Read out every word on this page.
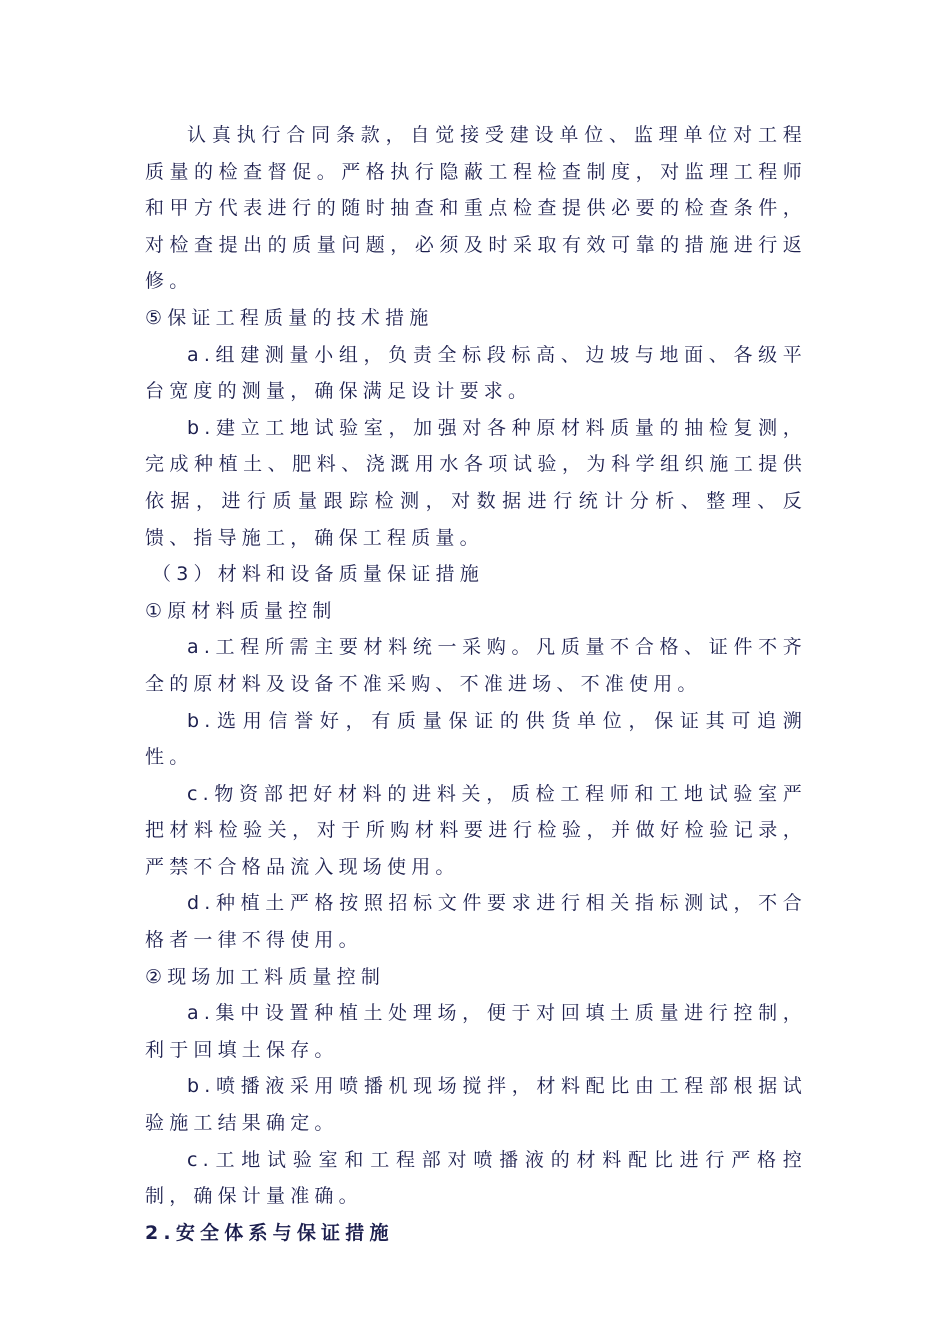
认真执行合同条款，自觉接受建设单位、监理单位对工程质量的检查督促。严格执行隐蔽工程检查制度，对监理工程师和甲方代表进行的随时抽查和重点检查提供必要的检查条件，对检查提出的质量问题，必须及时采取有效可靠的措施进行返修。

⑤保证工程质量的技术措施

a.组建测量小组，负责全标段标高、边坡与地面、各级平台宽度的测量，确保满足设计要求。

b.建立工地试验室，加强对各种原材料质量的抽检复测，完成种植土、肥料、浇溉用水各项试验，为科学组织施工提供依据，进行质量跟踪检测，对数据进行统计分析、整理、反馈、指导施工，确保工程质量。

（3）材料和设备质量保证措施

①原材料质量控制

a.工程所需主要材料统一采购。凡质量不合格、证件不齐全的原材料及设备不准采购、不准进场、不准使用。

b.选用信誉好，有质量保证的供货单位，保证其可追溯性。

c.物资部把好材料的进料关，质检工程师和工地试验室严把材料检验关，对于所购材料要进行检验，并做好检验记录，严禁不合格品流入现场使用。

d.种植土严格按照招标文件要求进行相关指标测试，不合格者一律不得使用。

②现场加工料质量控制

a.集中设置种植土处理场，便于对回填土质量进行控制，利于回填土保存。

b.喷播液采用喷播机现场搅拌，材料配比由工程部根据试验施工结果确定。

c.工地试验室和工程部对喷播液的材料配比进行严格控制，确保计量准确。

2.安全体系与保证措施
